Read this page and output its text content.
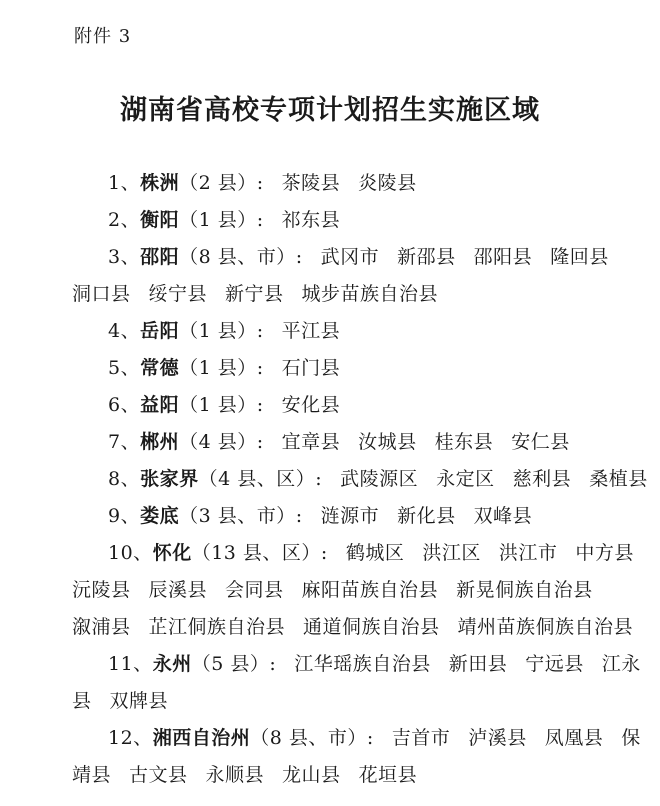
附件 3
湖南省高校专项计划招生实施区域
1、株洲（2 县）: 茶陵县 炎陵县
2、衡阳（1 县）: 祁东县
3、邵阳（8 县、市）: 武冈市 新邵县 邵阳县 隆回县
洞口县 绥宁县 新宁县 城步苗族自治县
4、岳阳（1 县）: 平江县
5、常德（1 县）: 石门县
6、益阳（1 县）: 安化县
7、郴州（4 县）: 宜章县 汝城县 桂东县 安仁县
8、张家界（4 县、区）: 武陵源区 永定区 慈利县 桑植县
9、娄底（3 县、市）: 涟源市 新化县 双峰县
10、怀化（13 县、区）: 鹤城区 洪江区 洪江市 中方县
沅陵县 辰溪县 会同县 麻阳苗族自治县 新晃侗族自治县
溆浦县 芷江侗族自治县 通道侗族自治县 靖州苗族侗族自治县
11、永州（5 县）: 江华瑶族自治县 新田县 宁远县 江永
县 双牌县
12、湘西自治州（8 县、市）: 吉首市 泸溪县 凤凰县 保
靖县 古文县 永顺县 龙山县 花垣县
